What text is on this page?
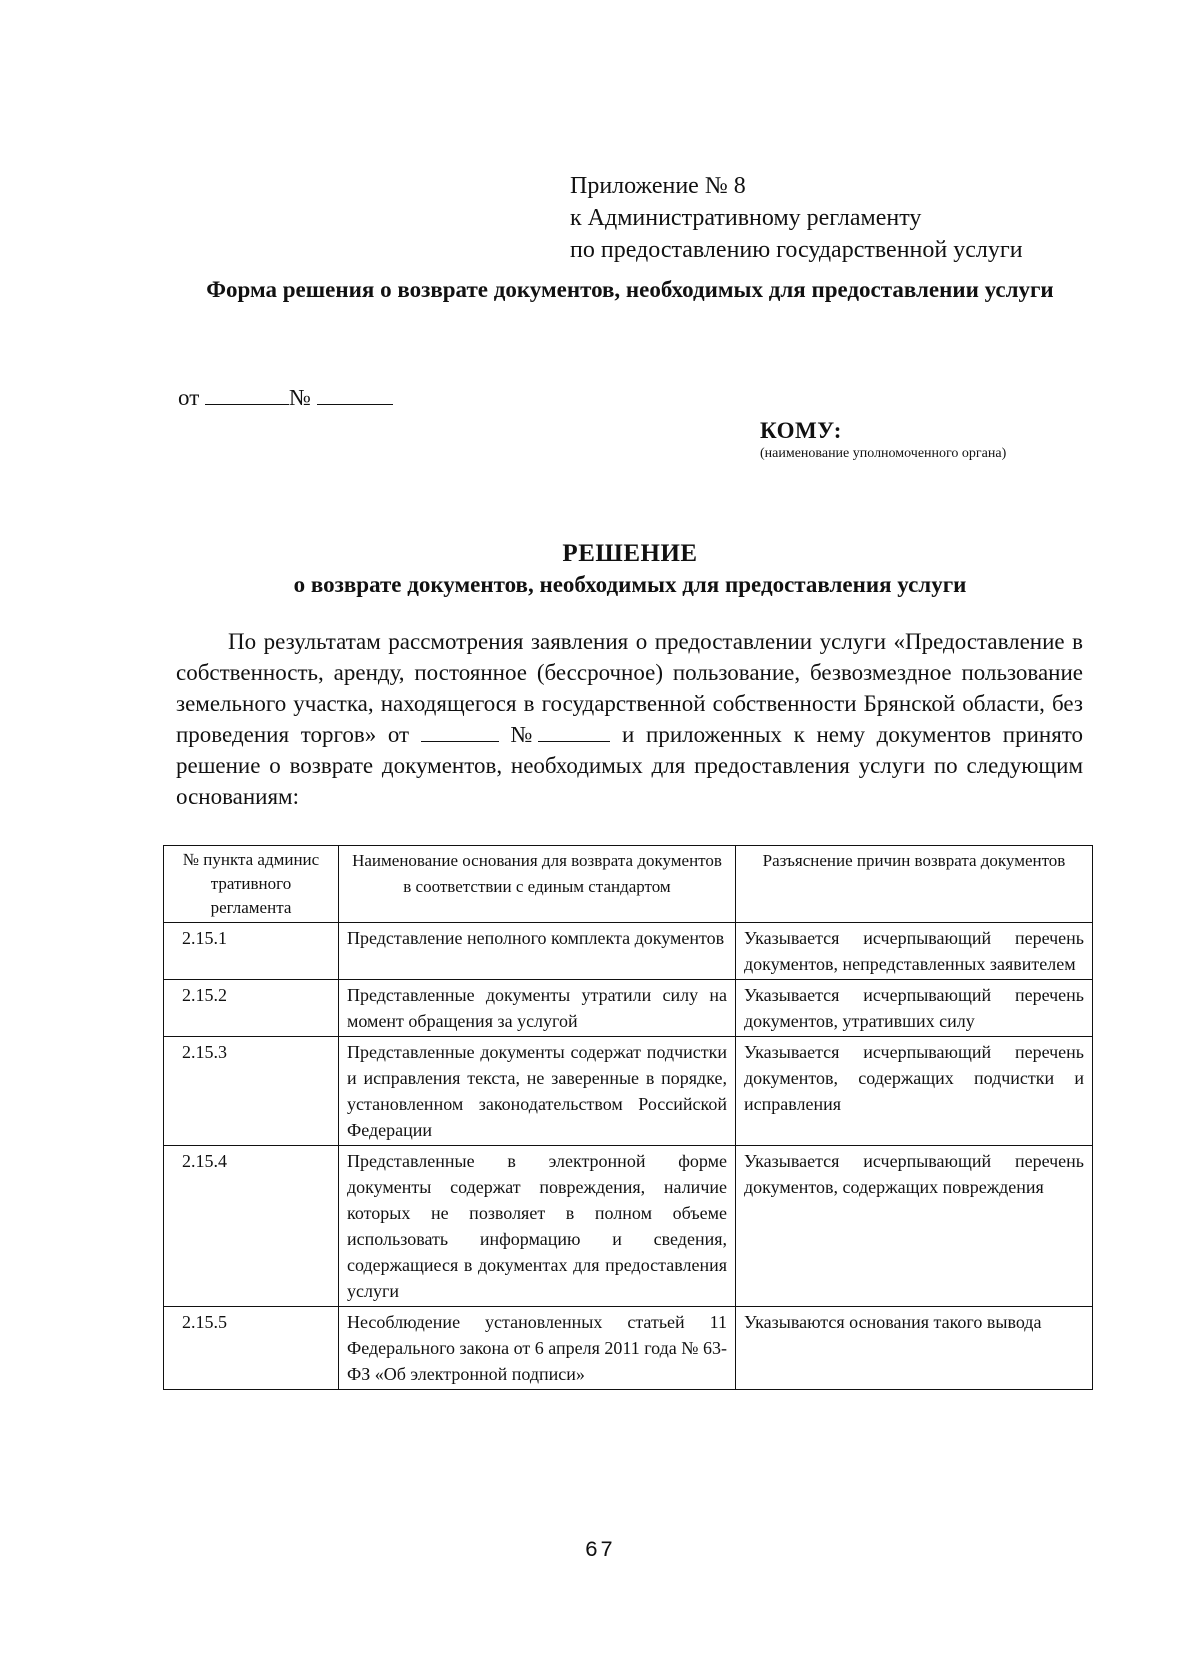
Приложение № 8
к Административному регламенту
по предоставлению государственной услуги
Форма решения о возврате документов, необходимых для предоставлении услуги
от	№
КОМУ:
(наименование уполномоченного органа)
РЕШЕНИЕ
о возврате документов, необходимых для предоставления услуги
По результатам рассмотрения заявления о предоставлении услуги «Предоставление в собственность, аренду, постоянное (бессрочное) пользование, безвозмездное пользование земельного участка, находящегося в государственной собственности Брянской области, без проведения торгов» от	№	и приложенных к нему документов принято решение о возврате документов, необходимых для предоставления услуги по следующим основаниям:
№ пункта админис тративного регламента	Наименование основания для возврата документов в соответствии с единым стандартом	Разъяснение причин возврата документов
2.15.1	Представление неполного комплекта документов	Указывается исчерпывающий перечень документов, непредставленных заявителем
2.15.2	Представленные документы утратили силу на момент обращения за услугой	Указывается исчерпывающий перечень документов, утративших силу
2.15.3	Представленные документы содержат подчистки и исправления текста, не заверенные в порядке, установленном законодательством Российской Федерации	Указывается исчерпывающий перечень документов, содержащих подчистки и исправления
2.15.4	Представленные в электронной форме документы содержат повреждения, наличие которых не позволяет в полном объеме использовать информацию и сведения, содержащиеся в документах для предоставления услуги	Указывается исчерпывающий перечень документов, содержащих повреждения
2.15.5	Несоблюдение установленных статьей 11 Федерального закона от 6 апреля 2011 года № 63-ФЗ «Об электронной подписи»	Указываются основания такого вывода
67
